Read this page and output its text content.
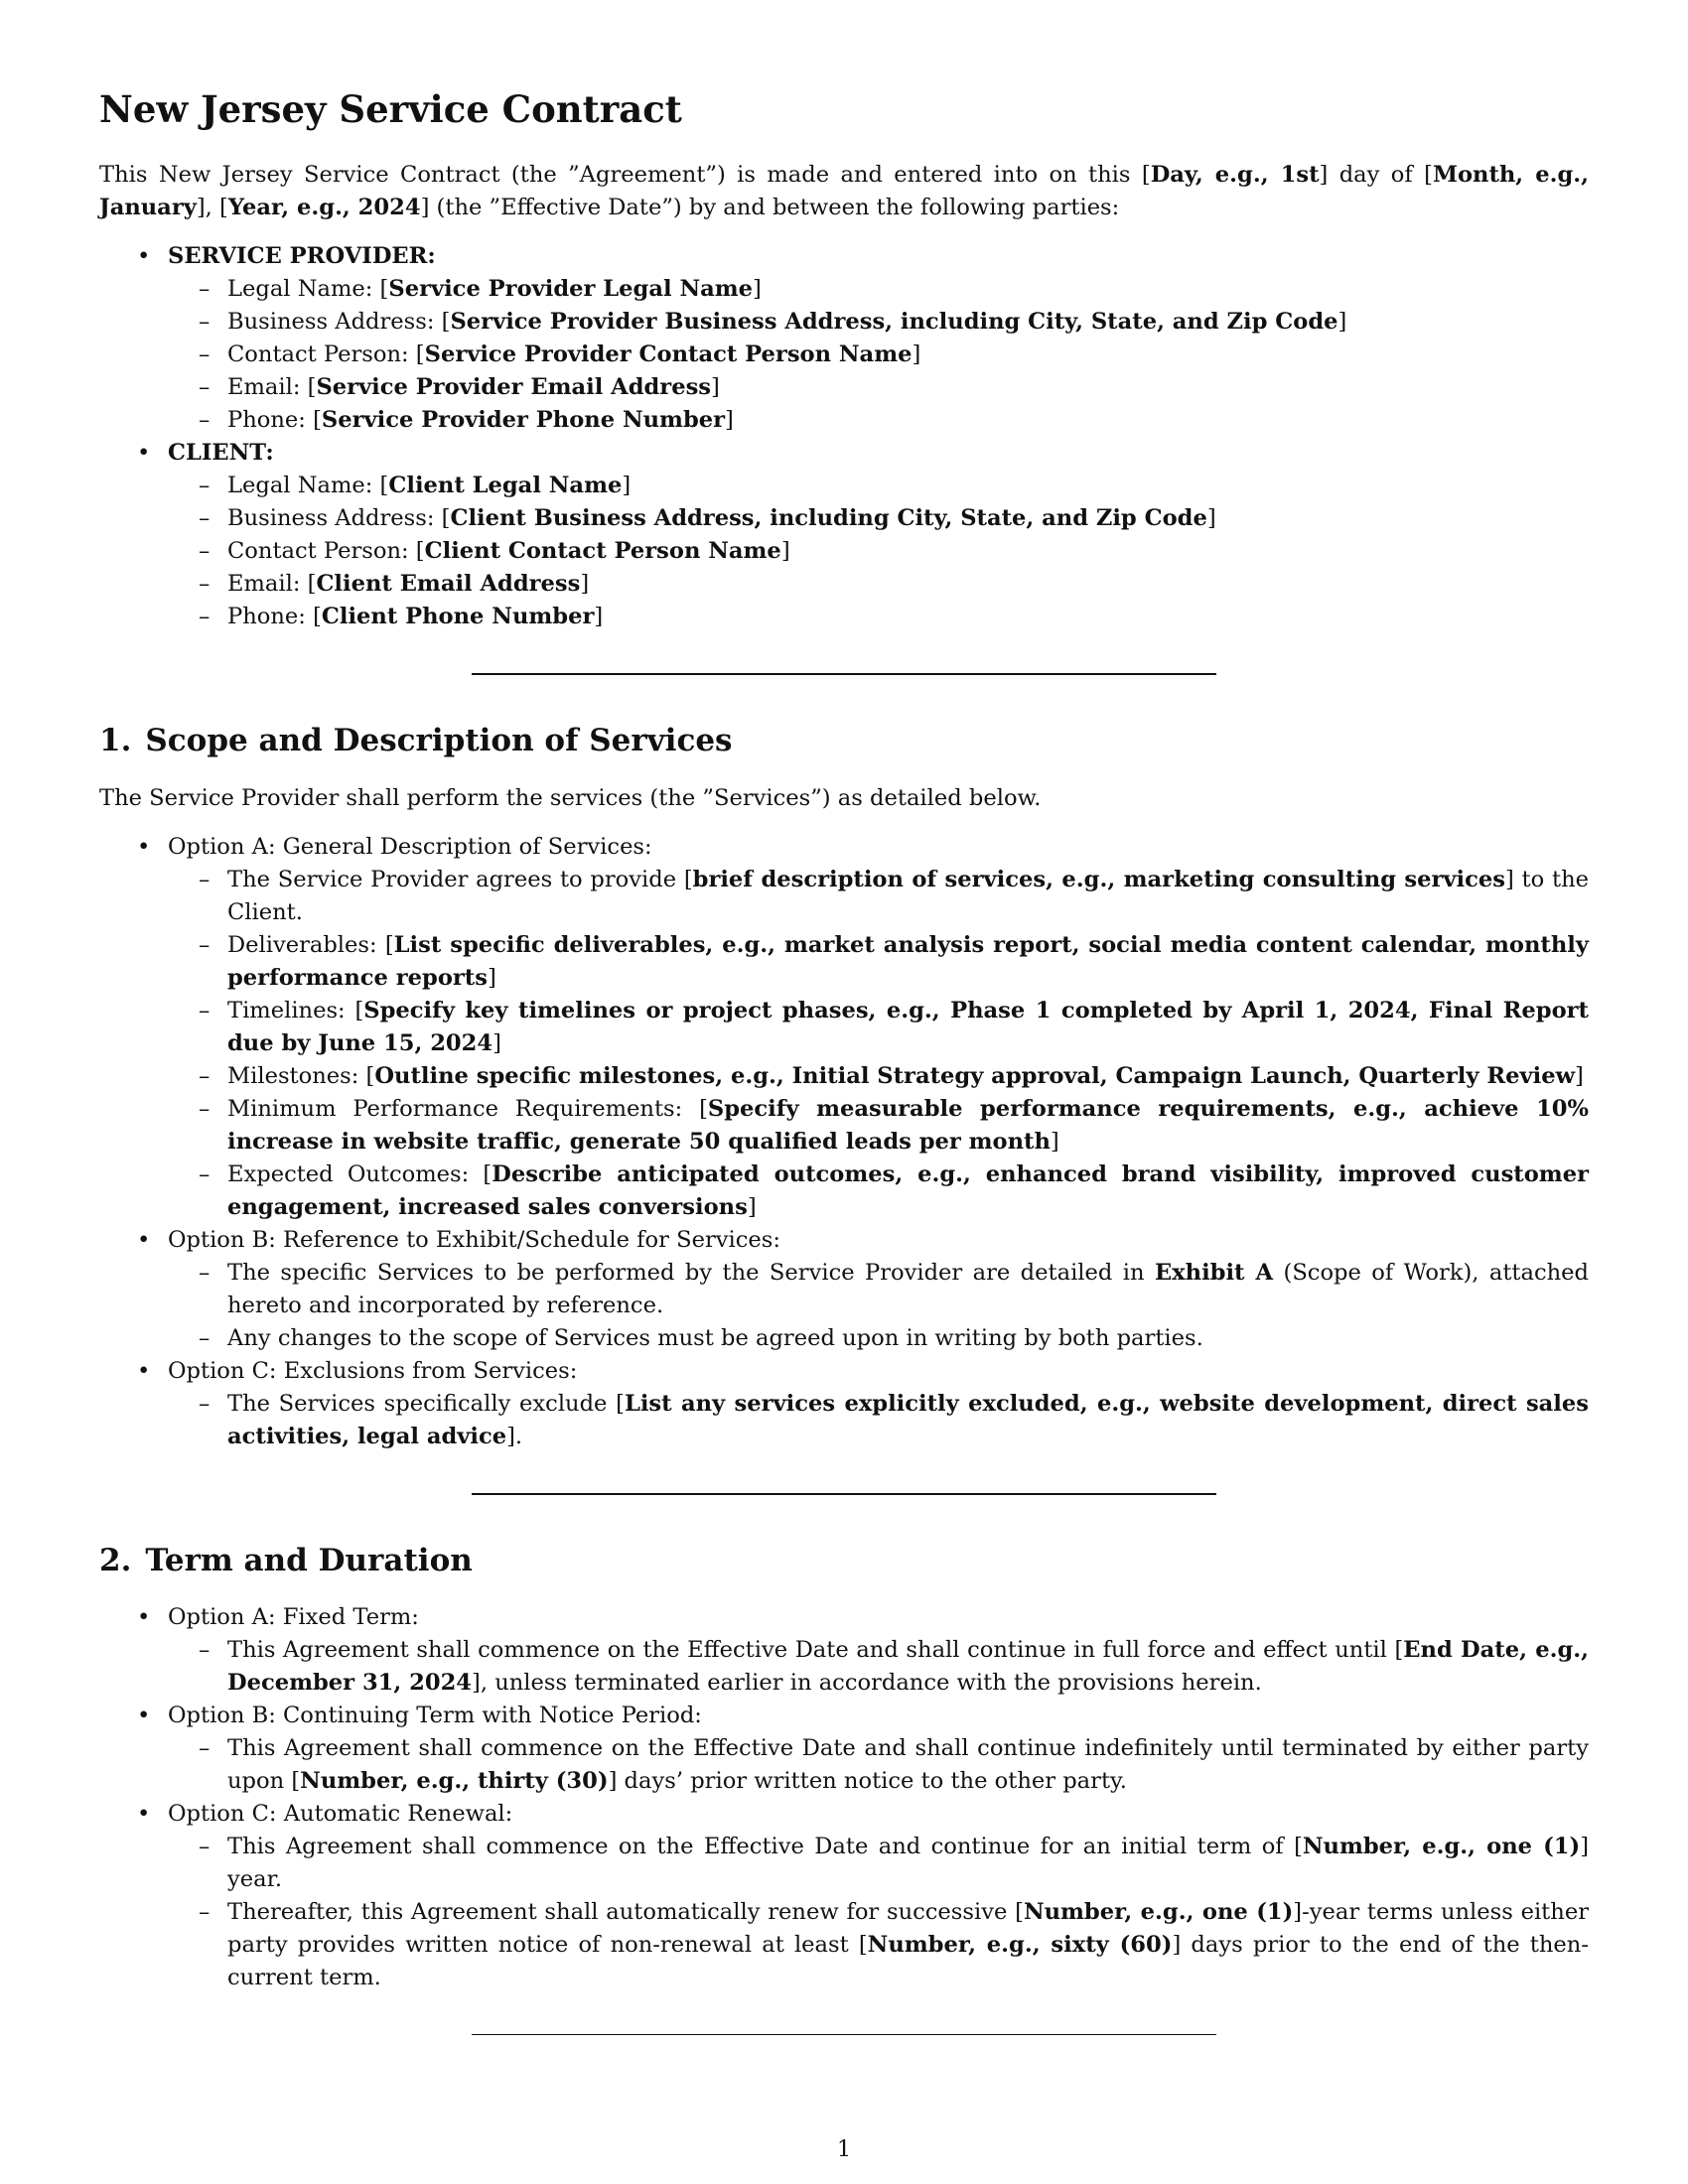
New Jersey Service Contract

This New Jersey Service Contract (the ”Agreement”) is made and entered into on this [Day, e.g., 1st] day of [Month, e.g., January], [Year, e.g., 2024] (the ”Effective Date”) by and between the following parties:

• SERVICE PROVIDER:
– Legal Name: [Service Provider Legal Name]
– Business Address: [Service Provider Business Address, including City, State, and Zip Code]
– Contact Person: [Service Provider Contact Person Name]
– Email: [Service Provider Email Address]
– Phone: [Service Provider Phone Number]
• CLIENT:
– Legal Name: [Client Legal Name]
– Business Address: [Client Business Address, including City, State, and Zip Code]
– Contact Person: [Client Contact Person Name]
– Email: [Client Email Address]
– Phone: [Client Phone Number]
1. Scope and Description of Services

The Service Provider shall perform the services (the ”Services”) as detailed below.

• Option A: General Description of Services:
– The Service Provider agrees to provide [brief description of services, e.g., marketing consulting services] to the Client.
– Deliverables: [List specific deliverables, e.g., market analysis report, social media content calendar, monthly performance reports]
– Timelines: [Specify key timelines or project phases, e.g., Phase 1 completed by April 1, 2024, Final Report due by June 15, 2024]
– Milestones: [Outline specific milestones, e.g., Initial Strategy approval, Campaign Launch, Quarterly Review]
– Minimum Performance Requirements: [Specify measurable performance requirements, e.g., achieve 10% increase in website traffic, generate 50 qualified leads per month]
– Expected Outcomes: [Describe anticipated outcomes, e.g., enhanced brand visibility, improved customer engagement, increased sales conversions]
• Option B: Reference to Exhibit/Schedule for Services:
– The specific Services to be performed by the Service Provider are detailed in Exhibit A (Scope of Work), attached hereto and incorporated by reference.
– Any changes to the scope of Services must be agreed upon in writing by both parties.
• Option C: Exclusions from Services:
– The Services specifically exclude [List any services explicitly excluded, e.g., website development, direct sales activities, legal advice].
2. Term and Duration
• Option A: Fixed Term:
– This Agreement shall commence on the Effective Date and shall continue in full force and effect until [End Date, e.g., December 31, 2024], unless terminated earlier in accordance with the provisions herein.
• Option B: Continuing Term with Notice Period:
– This Agreement shall commence on the Effective Date and shall continue indefinitely until terminated by either party upon [Number, e.g., thirty (30)] days’ prior written notice to the other party.
• Option C: Automatic Renewal:
– This Agreement shall commence on the Effective Date and continue for an initial term of [Number, e.g., one (1)] year.
– Thereafter, this Agreement shall automatically renew for successive [Number, e.g., one (1)]-year terms unless either party provides written notice of non-renewal at least [Number, e.g., sixty (60)] days prior to the end of the then-current term.
1
